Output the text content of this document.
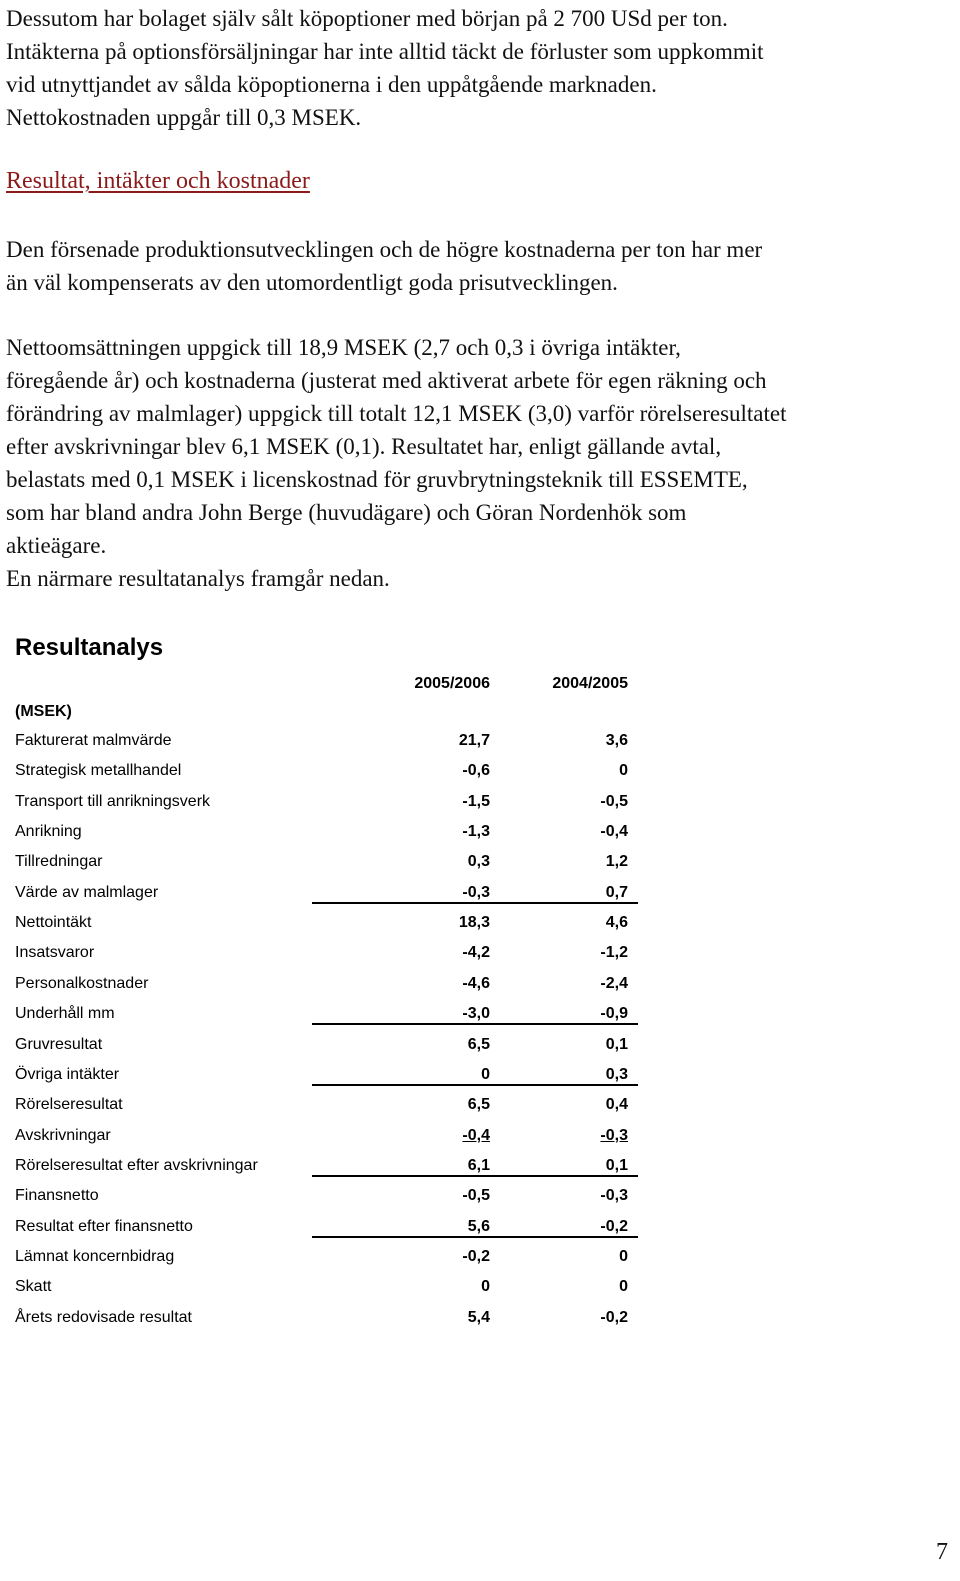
Dessutom har bolaget själv sålt köpoptioner med början på 2 700 USd per ton.
Intäkterna på optionsförsäljningar har inte alltid täckt de förluster som uppkommit
vid utnyttjandet av sålda köpoptionerna i den uppåtgående marknaden.
Nettokostnaden uppgår till 0,3 MSEK.
Resultat, intäkter och kostnader
Den försenade produktionsutvecklingen och de högre kostnaderna per ton har mer
än väl kompenserats av den utomordentligt goda prisutvecklingen.
Nettoomsättningen uppgick till 18,9 MSEK (2,7 och 0,3 i övriga intäkter,
föregående år) och kostnaderna (justerat med aktiverat arbete för egen räkning och
förändring av malmlager) uppgick till totalt 12,1 MSEK (3,0) varför rörelseresultatet
efter avskrivningar blev 6,1 MSEK (0,1). Resultatet har, enligt gällande avtal,
belastats med 0,1 MSEK i licenskostnad för gruvbrytningsteknik till ESSEMTE,
som har bland andra John Berge (huvudägare) och Göran Nordenhök som
aktieägare.
En närmare resultatanalys framgår nedan.
Resultanalys
2005/2006	2004/2005
(MSEK)
Fakturerat malmvärde	21,7	3,6
Strategisk metallhandel	-0,6	0
Transport till anrikningsverk	-1,5	-0,5
Anrikning	-1,3	-0,4
Tillredningar	0,3	1,2
Värde av malmlager	-0,3	0,7
Nettointäkt	18,3	4,6
Insatsvaror	-4,2	-1,2
Personalkostnader	-4,6	-2,4
Underhåll mm	-3,0	-0,9
Gruvresultat	6,5	0,1
Övriga intäkter	0	0,3
Rörelseresultat	6,5	0,4
Avskrivningar	-0,4	-0,3
Rörelseresultat efter avskrivningar	6,1	0,1
Finansnetto	-0,5	-0,3
Resultat efter finansnetto	5,6	-0,2
Lämnat koncernbidrag	-0,2	0
Skatt	0	0
Årets redovisade resultat	5,4	-0,2
7
